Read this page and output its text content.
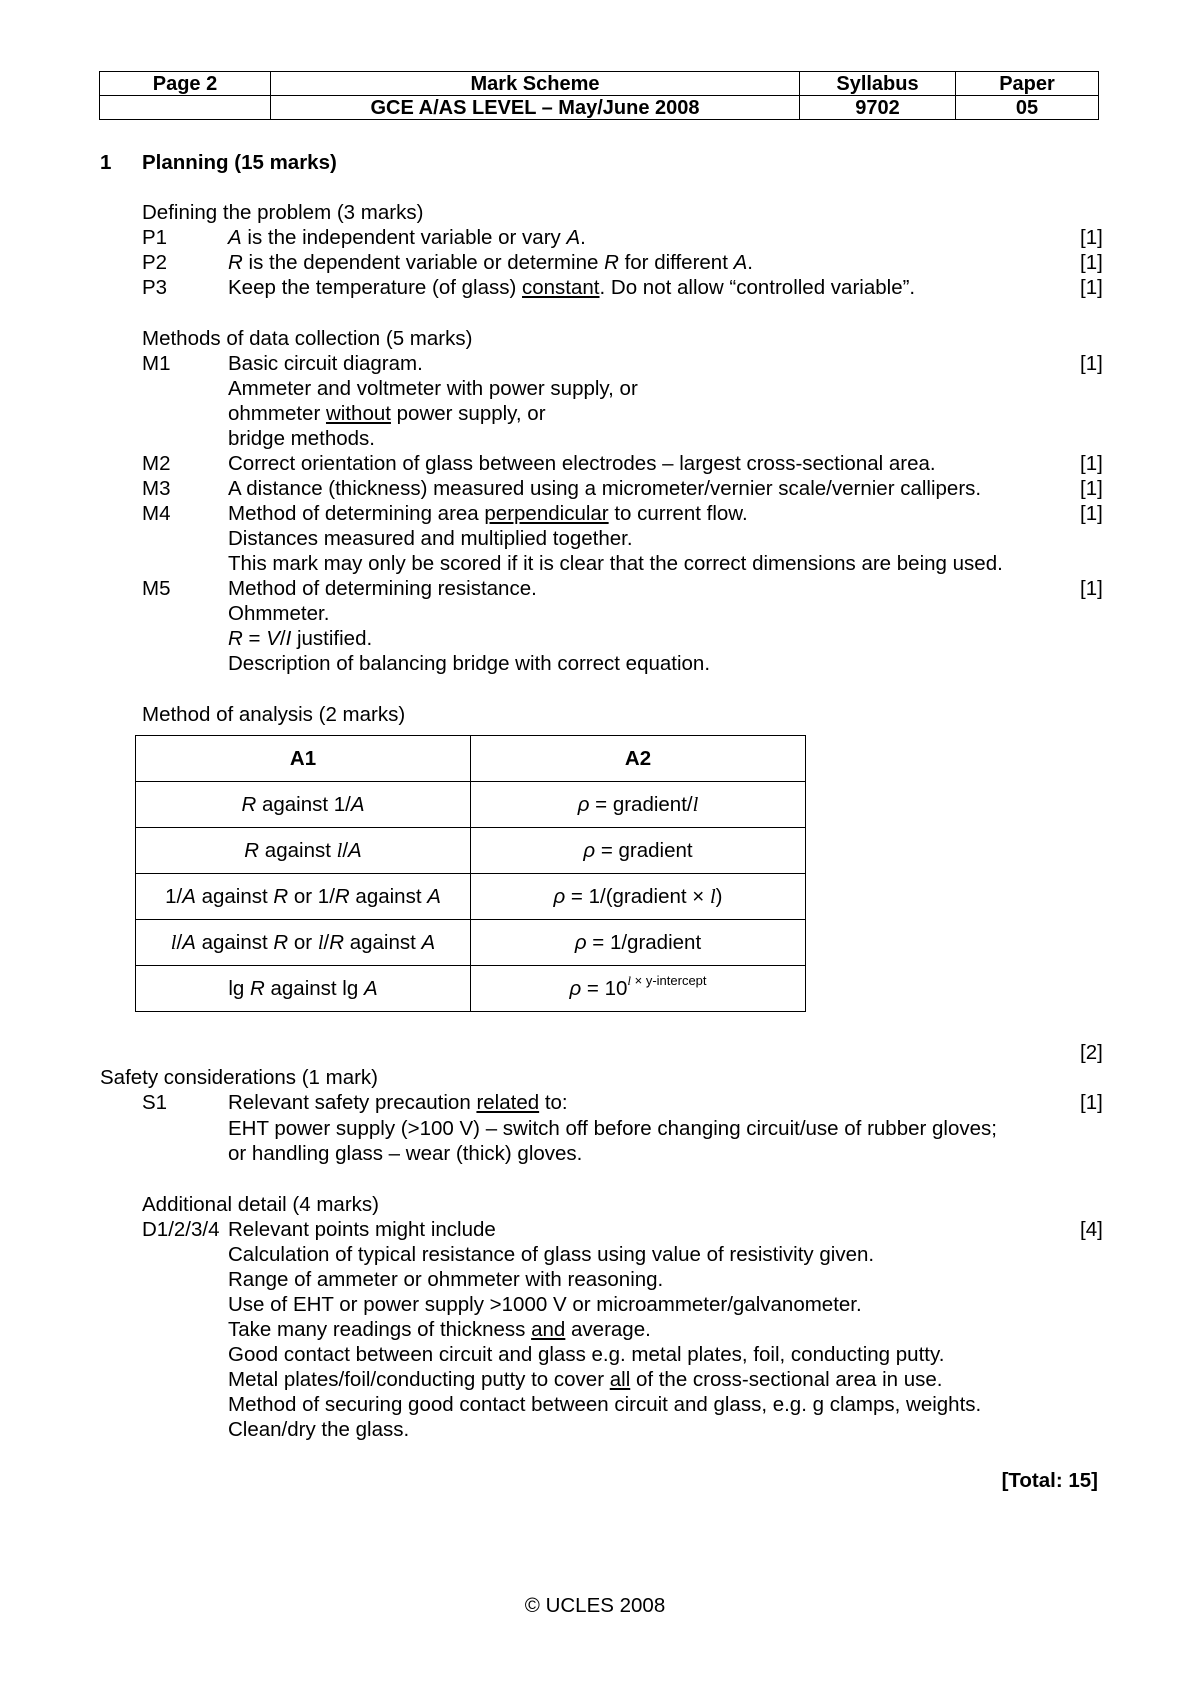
Page 2	Mark Scheme	Syllabus	Paper
	GCE A/AS LEVEL – May/June 2008	9702	05
1 Planning (15 marks)
Defining the problem (3 marks)
P1	A is the independent variable or vary A.	[1]
P2	R is the dependent variable or determine R for different A.	[1]
P3	Keep the temperature (of glass) constant. Do not allow “controlled variable”.	[1]
Methods of data collection (5 marks)
M1	Basic circuit diagram.	[1]
Ammeter and voltmeter with power supply, or
ohmmeter without power supply, or
bridge methods.
M2	Correct orientation of glass between electrodes – largest cross-sectional area.	[1]
M3	A distance (thickness) measured using a micrometer/vernier scale/vernier callipers.	[1]
M4	Method of determining area perpendicular to current flow.	[1]
Distances measured and multiplied together.
This mark may only be scored if it is clear that the correct dimensions are being used.
M5	Method of determining resistance.	[1]
Ohmmeter.
R = V/I justified.
Description of balancing bridge with correct equation.
Method of analysis (2 marks)
A1	A2
R against 1/A	ρ = gradient/l
R against l/A	ρ = gradient
1/A against R or 1/R against A	ρ = 1/(gradient × l)
l/A against R or l/R against A	ρ = 1/gradient
lg R against lg A	$\rho = 10^{l \times y-intercept}$
[2]
Safety considerations (1 mark)
S1	Relevant safety precaution related to:	[1]
EHT power supply (>100 V) – switch off before changing circuit/use of rubber gloves;
or handling glass – wear (thick) gloves.
Additional detail (4 marks)
D1/2/3/4 Relevant points might include	[4]
Calculation of typical resistance of glass using value of resistivity given.
Range of ammeter or ohmmeter with reasoning.
Use of EHT or power supply >1000 V or microammeter/galvanometer.
Take many readings of thickness and average.
Good contact between circuit and glass e.g. metal plates, foil, conducting putty.
Metal plates/foil/conducting putty to cover all of the cross-sectional area in use.
Method of securing good contact between circuit and glass, e.g. g clamps, weights.
Clean/dry the glass.
[Total: 15]
© UCLES 2008
